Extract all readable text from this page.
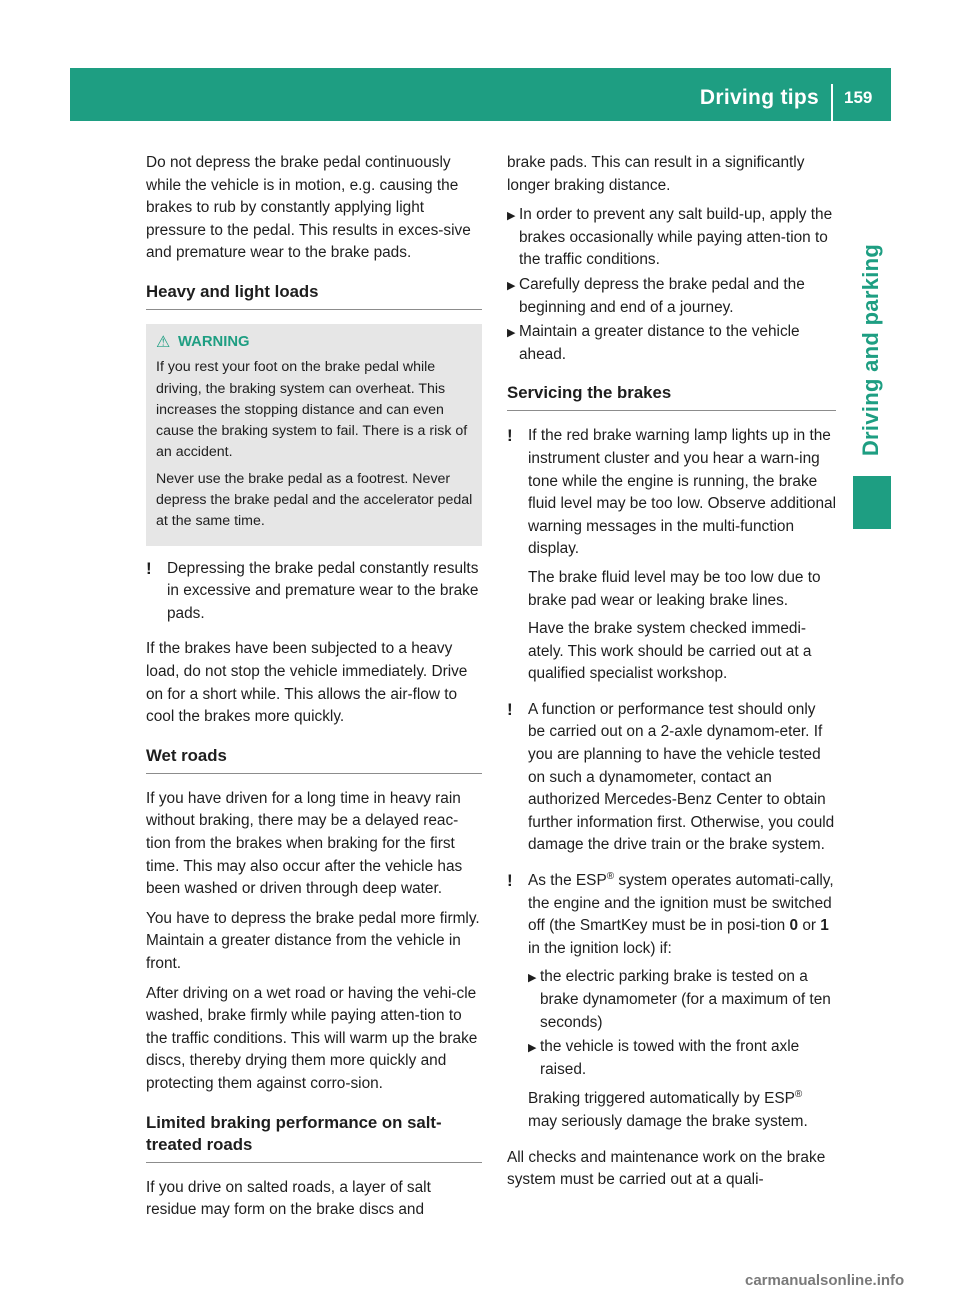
Driving tips 159
Driving and parking

Do not depress the brake pedal continuously while the vehicle is in motion, e.g. causing the brakes to rub by constantly applying light pressure to the pedal. This results in exces-sive and premature wear to the brake pads.

Heavy and light loads
⚠ WARNING

If you rest your foot on the brake pedal while driving, the braking system can overheat. This increases the stopping distance and can even cause the braking system to fail. There is a risk of an accident.

Never use the brake pedal as a footrest. Never depress the brake pedal and the accelerator pedal at the same time.

! Depressing the brake pedal constantly results in excessive and premature wear to the brake pads.

If the brakes have been subjected to a heavy load, do not stop the vehicle immediately. Drive on for a short while. This allows the air-flow to cool the brakes more quickly.

Wet roads

If you have driven for a long time in heavy rain without braking, there may be a delayed reac-tion from the brakes when braking for the first time. This may also occur after the vehicle has been washed or driven through deep water.

You have to depress the brake pedal more firmly. Maintain a greater distance from the vehicle in front.

After driving on a wet road or having the vehi-cle washed, brake firmly while paying atten-tion to the traffic conditions. This will warm up the brake discs, thereby drying them more quickly and protecting them against corro-sion.

Limited braking performance on salt-treated roads

If you drive on salted roads, a layer of salt residue may form on the brake discs and

brake pads. This can result in a significantly longer braking distance.

▶ In order to prevent any salt build-up, apply the brakes occasionally while paying atten-tion to the traffic conditions.
▶ Carefully depress the brake pedal and the beginning and end of a journey.
▶ Maintain a greater distance to the vehicle ahead.
Servicing the brakes
! If the red brake warning lamp lights up in the instrument cluster and you hear a warn-ing tone while the engine is running, the brake fluid level may be too low. Observe additional warning messages in the multi-function display.

The brake fluid level may be too low due to brake pad wear or leaking brake lines.

Have the brake system checked immedi-ately. This work should be carried out at a qualified specialist workshop.

! A function or performance test should only be carried out on a 2-axle dynamom-eter. If you are planning to have the vehicle tested on such a dynamometer, contact an authorized Mercedes-Benz Center to obtain further information first. Otherwise, you could damage the drive train or the brake system.

! As the ESP® system operates automati-cally, the engine and the ignition must be switched off (the SmartKey must be in posi-tion 0 or 1 in the ignition lock) if:

▶ the electric parking brake is tested on a brake dynamometer (for a maximum of ten seconds)
▶ the vehicle is towed with the front axle raised.

Braking triggered automatically by ESP®
may seriously damage the brake system.

All checks and maintenance work on the brake system must be carried out at a quali-

carmanualsonline.info
